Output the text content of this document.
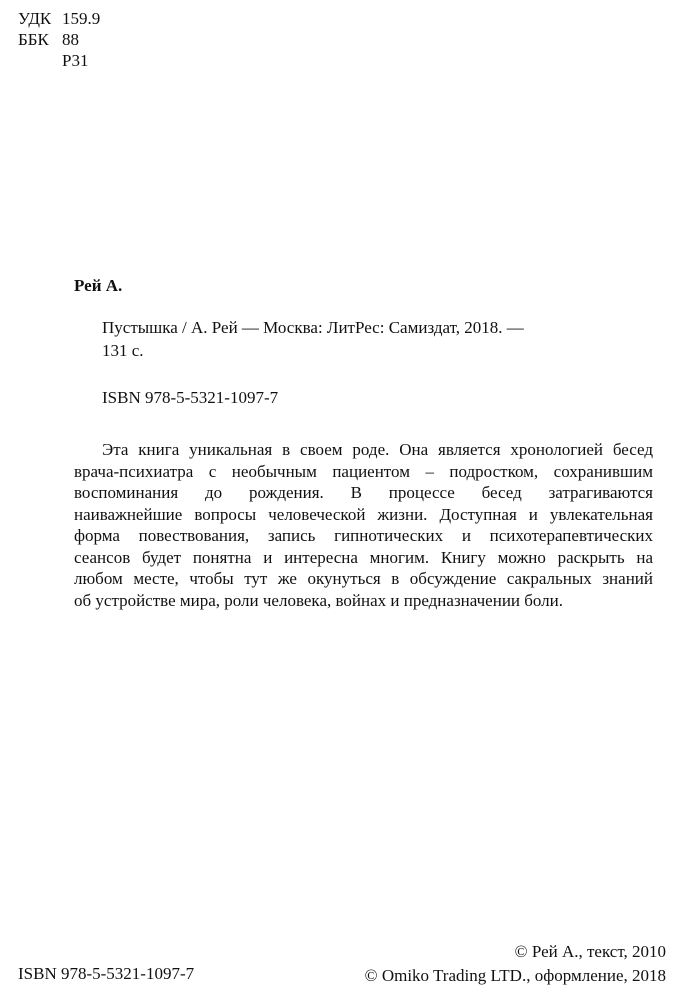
УДК 159.9
ББК 88
Р31
Рей А.
Пустышка / А. Рей — Москва: ЛитРес: Самиздат, 2018. —
131 с.
ISBN 978-5-5321-1097-7
Эта книга уникальная в своем роде. Она является хронологией бесед
врача-психиатра с необычным пациентом – подростком, сохранившим
воспоминания до рождения. В процессе бесед затрагиваются
наиважнейшие вопросы человеческой жизни. Доступная и увлекательная
форма повествования, запись гипнотических и психотерапевтических
сеансов будет понятна и интересна многим. Книгу можно раскрыть на
любом месте, чтобы тут же окунуться в обсуждение сакральных знаний
об устройстве мира, роли человека, войнах и предназначении боли.
ISBN 978-5-5321-1097-7
© Рей А., текст, 2010
© Omiko Trading LTD., оформление, 2018
